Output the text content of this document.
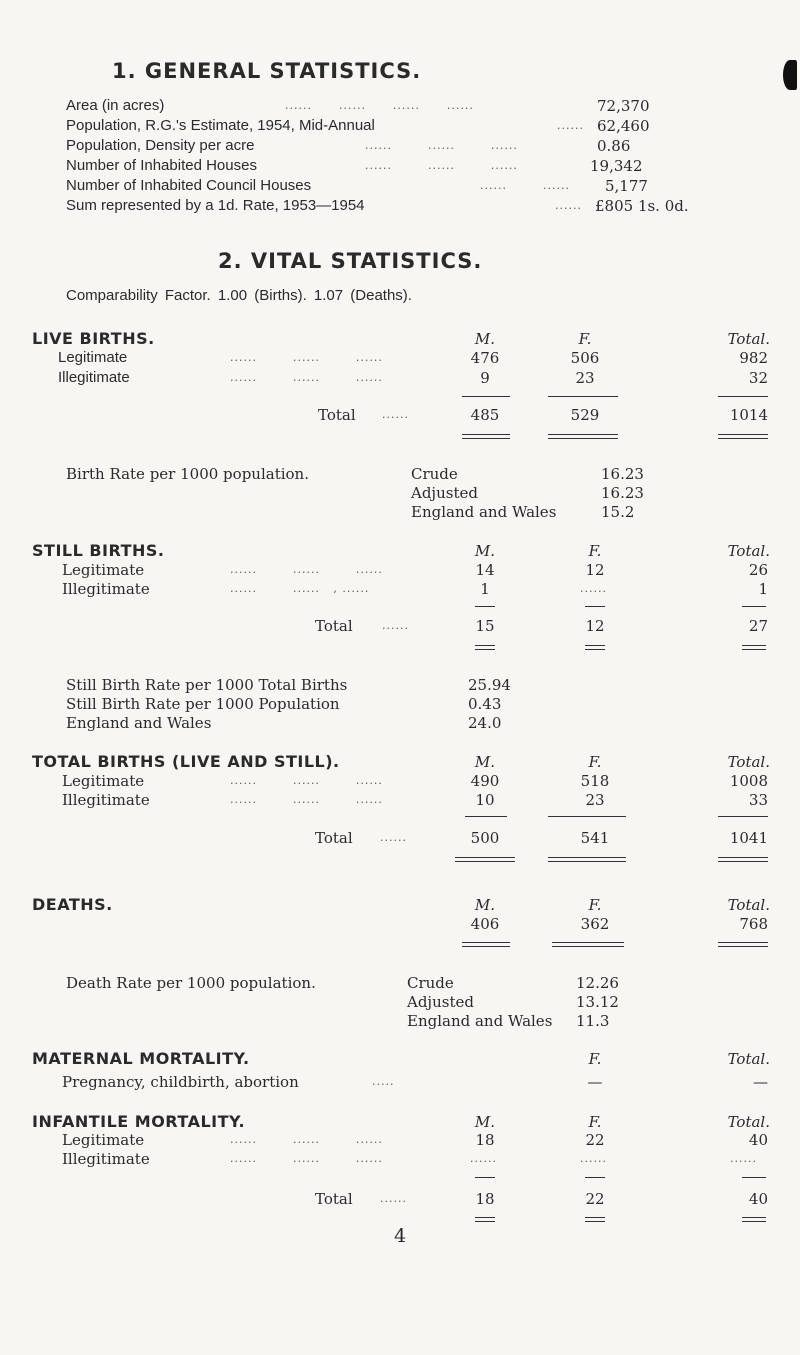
1. GENERAL STATISTICS.
Area (in acres)	......      ......      ......      ......	72,370
Population, R.G.'s Estimate, 1954, Mid-Annual	...... 62,460
Population, Density per acre	......        ......        ......	0.86
Number of Inhabited Houses	......        ......        ......	19,342
Number of Inhabited Council Houses	......        ...... 5,177
Sum represented by a 1d. Rate, 1953—1954	...... £805 1s. 0d.
2. VITAL STATISTICS.
Comparability Factor. 1.00 (Births). 1.07 (Deaths).
LIVE BIRTHS.	M.	F.	Total.
Legitimate	......        ......        ......	476	506	982
Illegitimate	......        ......        ......	9	23	32
Total ......	485	529	1014
Birth Rate per 1000 population.	Crude	16.23
Adjusted	16.23
England and Wales	15.2
STILL BIRTHS.	M.	F.	Total.
Legitimate	......        ......        ......	14	12	26
Illegitimate	......        ......   , ......	1	......	1
Total	......	15	12	27
Still Birth Rate per 1000 Total Births	25.94
Still Birth Rate per 1000 Population	0.43
England and Wales	24.0
TOTAL BIRTHS (LIVE AND STILL).	M.	F.	Total.
Legitimate	......        ......        ......	490	518	1008
Illegitimate	......        ......        ......	10	23	33
Total ......	500	541	1041
DEATHS.	M.	F.	Total.
406	362	768
Death Rate per 1000 population.	Crude	12.26
Adjusted	13.12
England and Wales 11.3
MATERNAL MORTALITY.	F.	Total.
Pregnancy, childbirth, abortion	.....	—	—
INFANTILE MORTALITY.	M.	F.	Total.
Legitimate	......        ......        ......	18	22	40
Illegitimate	......        ......        ......	......	......	......
Total ......	18	22	40
4
